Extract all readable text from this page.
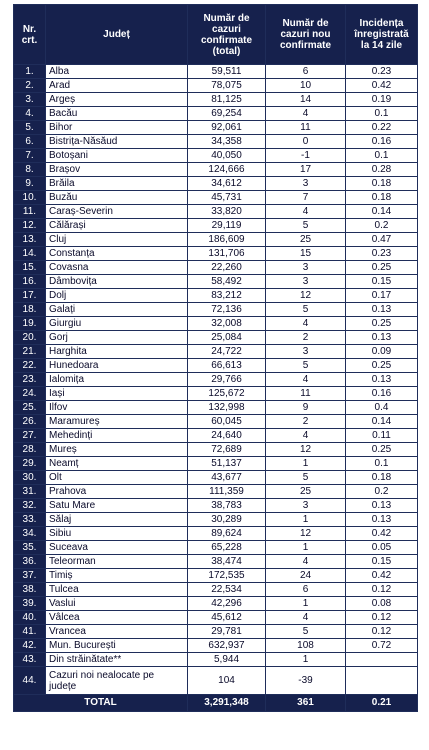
Nr. crt.	Județ	Număr de cazuri confirmate (total)	Număr de cazuri nou confirmate	Incidența înregistrată la 14 zile
1.	Alba	59,511	6	0.23
2.	Arad	78,075	10	0.42
3.	Argeș	81,125	14	0.19
4.	Bacău	69,254	4	0.1
5.	Bihor	92,061	11	0.22
6.	Bistrița-Năsăud	34,358	0	0.16
7.	Botoșani	40,050	-1	0.1
8.	Brașov	124,666	17	0.28
9.	Brăila	34,612	3	0.18
10.	Buzău	45,731	7	0.18
11.	Caraș-Severin	33,820	4	0.14
12.	Călărași	29,119	5	0.2
13.	Cluj	186,609	25	0.47
14.	Constanța	131,706	15	0.23
15.	Covasna	22,260	3	0.25
16.	Dâmbovița	58,492	3	0.15
17.	Dolj	83,212	12	0.17
18.	Galați	72,136	5	0.13
19.	Giurgiu	32,008	4	0.25
20.	Gorj	25,084	2	0.13
21.	Harghita	24,722	3	0.09
22.	Hunedoara	66,613	5	0.25
23.	Ialomița	29,766	4	0.13
24.	Iași	125,672	11	0.16
25.	Ilfov	132,998	9	0.4
26.	Maramureș	60,045	2	0.14
27.	Mehedinți	24,640	4	0.11
28.	Mureș	72,689	12	0.25
29.	Neamț	51,137	1	0.1
30.	Olt	43,677	5	0.18
31.	Prahova	111,359	25	0.2
32.	Satu Mare	38,783	3	0.13
33.	Sălaj	30,289	1	0.13
34.	Sibiu	89,624	12	0.42
35.	Suceava	65,228	1	0.05
36.	Teleorman	38,474	4	0.15
37.	Timiș	172,535	24	0.42
38.	Tulcea	22,534	6	0.12
39.	Vaslui	42,296	1	0.08
40.	Vâlcea	45,612	4	0.12
41.	Vrancea	29,781	5	0.12
42.	Mun. București	632,937	108	0.72
43.	Din străinătate**	5,944	1	
44.	Cazuri noi nealocate pe județe	104	-39	
TOTAL		3,291,348	361	0.21
